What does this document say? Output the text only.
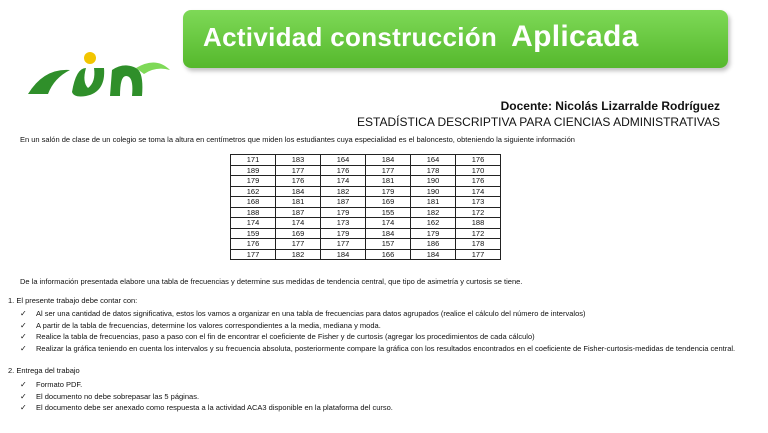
Actividad construcción Aplicada
Docente: Nicolás Lizarralde Rodríguez
ESTADÍSTICA DESCRIPTIVA PARA CIENCIAS ADMINISTRATIVAS
En un salón de clase de un colegio se toma la altura en centímetros que miden los estudiantes cuya especialidad es el baloncesto, obteniendo la siguiente información
171	183	164	184	164	176
189	177	176	177	178	170
179	176	174	181	190	176
162	184	182	179	190	174
168	181	187	169	181	173
188	187	179	155	182	172
174	174	173	174	162	188
159	169	179	184	179	172
176	177	177	157	186	178
177	182	184	166	184	177
De la información presentada elabore una tabla de frecuencias y determine sus medidas de tendencia central, que tipo de asimetría y curtosis se tiene.
1. El presente trabajo debe contar con:
✓ Al ser una cantidad de datos significativa, estos los vamos a organizar en una tabla de frecuencias para datos agrupados (realice el cálculo del número de intervalos)
✓ A partir de la tabla de frecuencias, determine los valores correspondientes a la media, mediana y moda.
✓ Realice la tabla de frecuencias, paso a paso con el fin de encontrar el coeficiente de Fisher y de curtosis (agregar los procedimientos de cada cálculo)
✓ Realizar la gráfica teniendo en cuenta los intervalos y su frecuencia absoluta, posteriormente compare la gráfica con los resultados encontrados en el coeficiente de Fisher-curtosis-medidas de tendencia central.
2. Entrega del trabajo
✓ Formato PDF.
✓ El documento no debe sobrepasar las 5 páginas.
✓ El documento debe ser anexado como respuesta a la actividad ACA3 disponible en la plataforma del curso.
